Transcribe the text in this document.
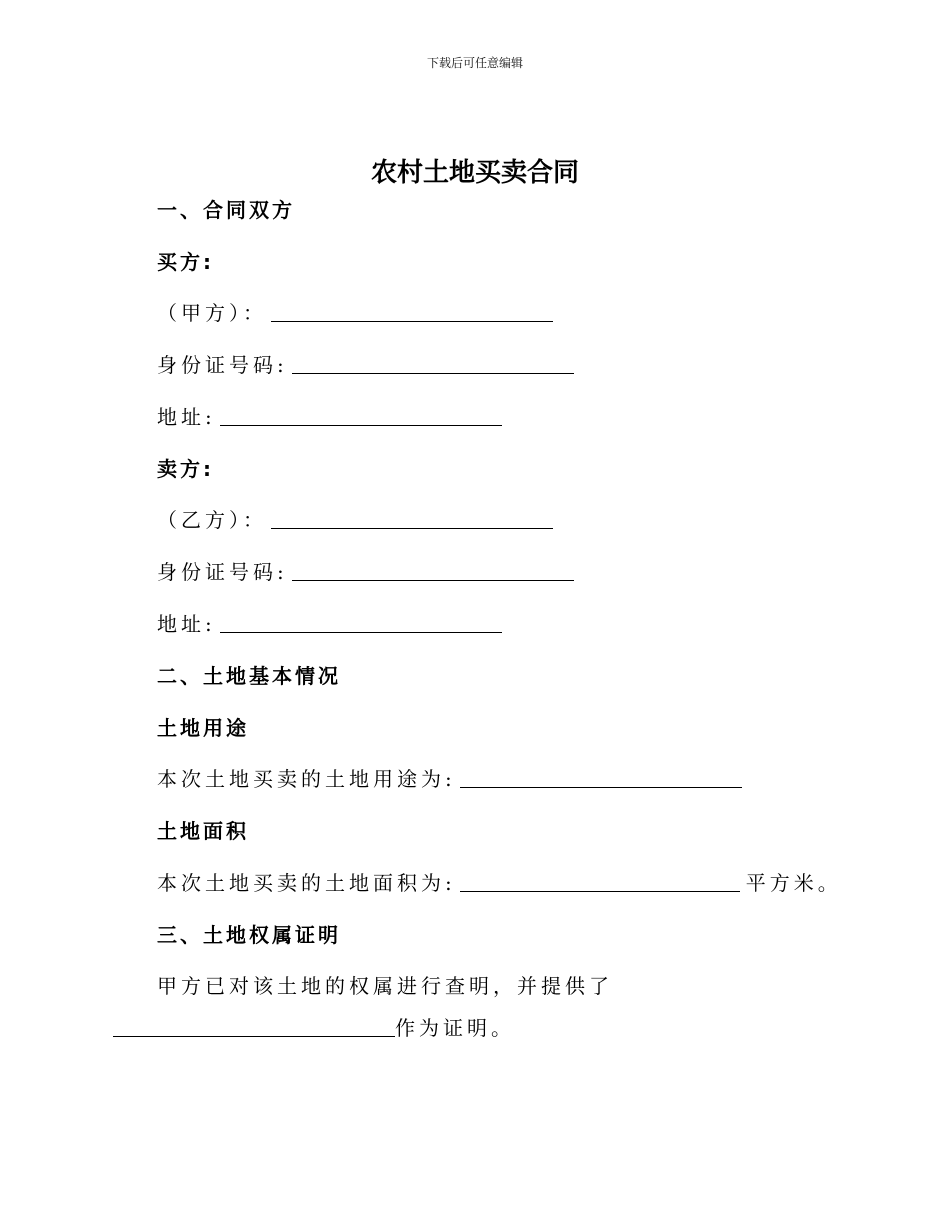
下载后可任意编辑
农村土地买卖合同
一、合同双方
买方:
（甲方）：
身份证号码:
地址:
卖方:
（乙方）：
身份证号码:
地址:
二、土地基本情况
土地用途
本次土地买卖的土地用途为:
土地面积
本次土地买卖的土地面积为:	平方米。
三、土地权属证明
甲方已对该土地的权属进行查明，并提供了
作为证明。
